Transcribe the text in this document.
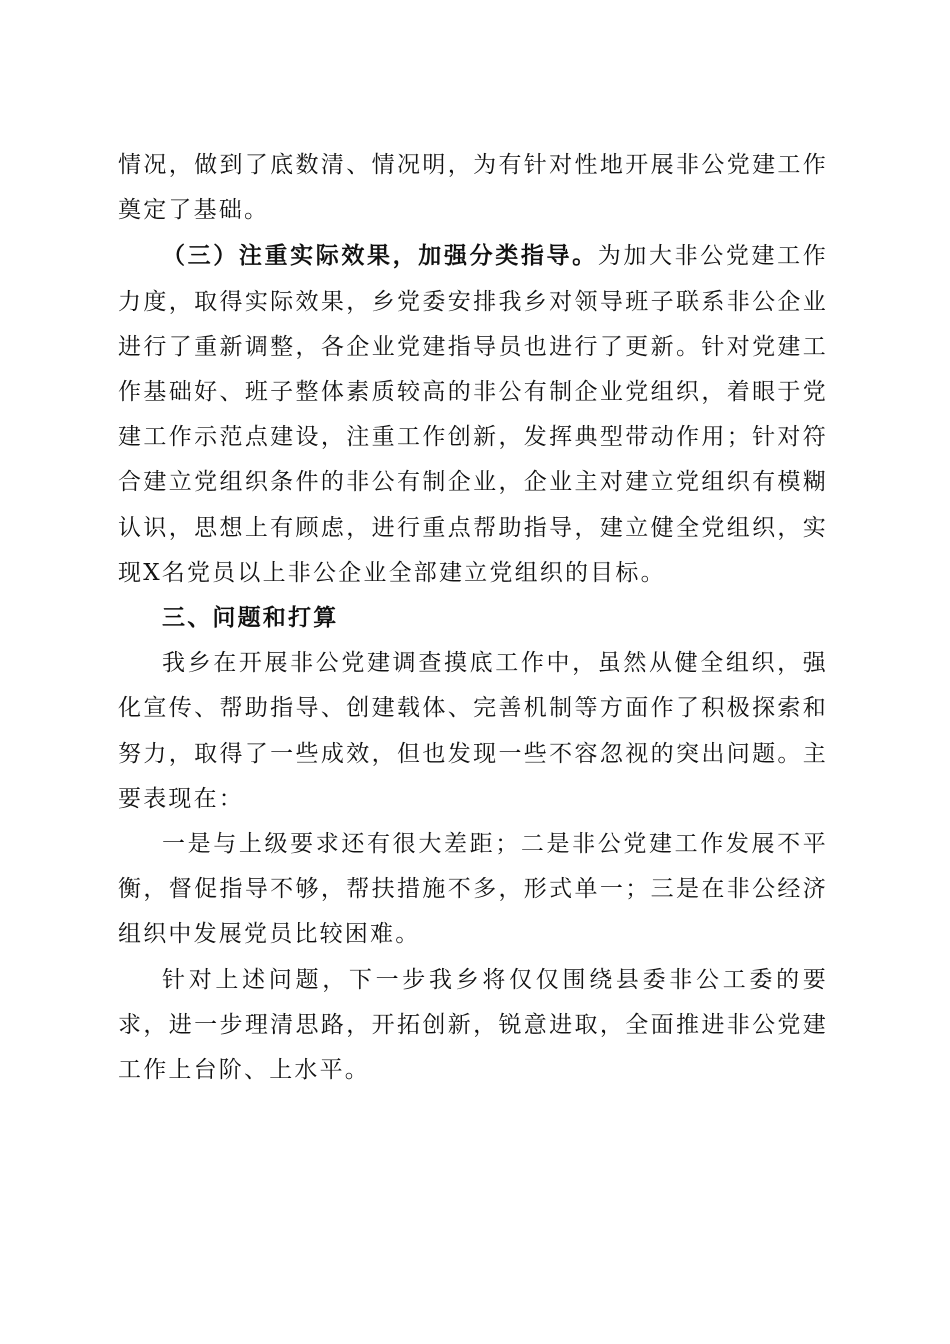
情况，做到了底数清、情况明，为有针对性地开展非公党建工作奠定了基础。

（三）注重实际效果，加强分类指导。为加大非公党建工作力度，取得实际效果，乡党委安排我乡对领导班子联系非公企业进行了重新调整，各企业党建指导员也进行了更新。针对党建工作基础好、班子整体素质较高的非公有制企业党组织，着眼于党建工作示范点建设，注重工作创新，发挥典型带动作用；针对符合建立党组织条件的非公有制企业，企业主对建立党组织有模糊认识，思想上有顾虑，进行重点帮助指导，建立健全党组织，实现X名党员以上非公企业全部建立党组织的目标。

三、问题和打算

我乡在开展非公党建调查摸底工作中，虽然从健全组织，强化宣传、帮助指导、创建载体、完善机制等方面作了积极探索和努力，取得了一些成效，但也发现一些不容忽视的突出问题。主要表现在：

一是与上级要求还有很大差距；二是非公党建工作发展不平衡，督促指导不够，帮扶措施不多，形式单一；三是在非公经济组织中发展党员比较困难。

针对上述问题，下一步我乡将仅仅围绕县委非公工委的要求，进一步理清思路，开拓创新，锐意进取，全面推进非公党建工作上台阶、上水平。
